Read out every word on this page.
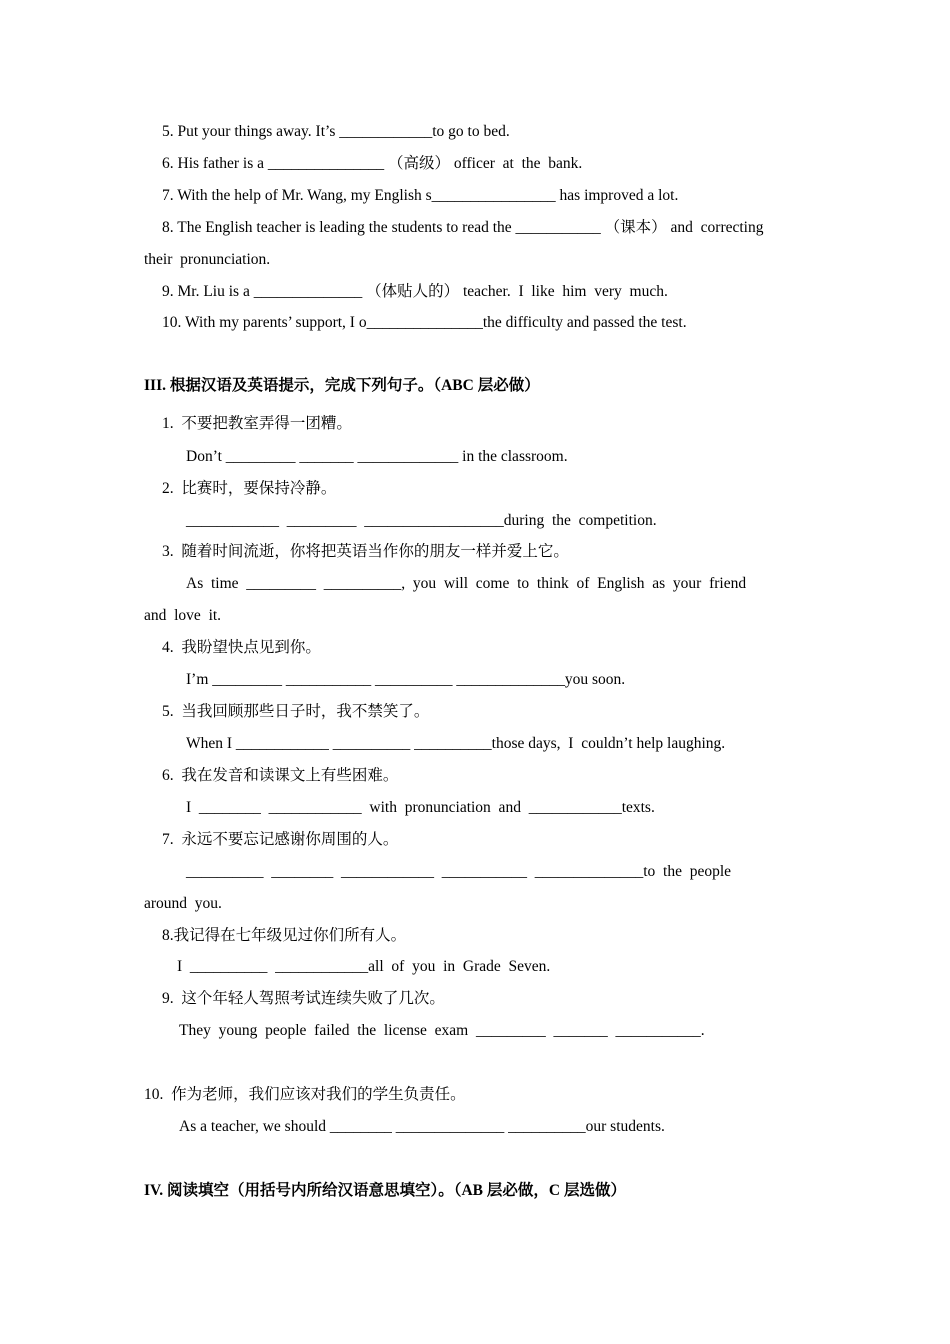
5. Put your things away. It’s ____________to go to bed.
6. His father is a _______________ （高级） officer  at  the  bank.
7. With the help of Mr. Wang, my English s________________ has improved a lot.
8. The English teacher is leading the students to read the ___________ （课本） and  correcting
their  pronunciation.
9. Mr. Liu is a ______________ （体贴人的） teacher.  I  like  him  very  much.
10. With my parents’ support, I o_______________the difficulty and passed the test.
III. 根据汉语及英语提示，完成下列句子。（ABC 层必做）
1.  不要把教室弄得一团糟。
Don’t _________ _______ _____________ in the classroom.
2.  比赛时，要保持冷静。
____________  _________  __________________during  the  competition.
3.  随着时间流逝，你将把英语当作你的朋友一样并爱上它。
As  time  _________  __________,  you  will  come  to  think  of  English  as  your  friend
and  love  it.
4.  我盼望快点见到你。
I’m _________ ___________ __________ ______________you soon.
5.  当我回顾那些日子时，我不禁笑了。
When I ____________ __________ __________those days,  I  couldn’t help laughing.
6.  我在发音和读课文上有些困难。
I  ________  ____________  with  pronunciation  and  ____________texts.
7.  永远不要忘记感谢你周围的人。
__________  ________  ____________  ___________  ______________to  the  people
around  you.
8.我记得在七年级见过你们所有人。
I  __________  ____________all  of  you  in  Grade  Seven.
9.  这个年轻人驾照考试连续失败了几次。
They  young  people  failed  the  license  exam  _________  _______  ___________.
10.  作为老师，我们应该对我们的学生负责任。
As a teacher, we should ________ ______________ __________our students.
IV. 阅读填空（用括号内所给汉语意思填空）。（AB 层必做，C 层选做）
